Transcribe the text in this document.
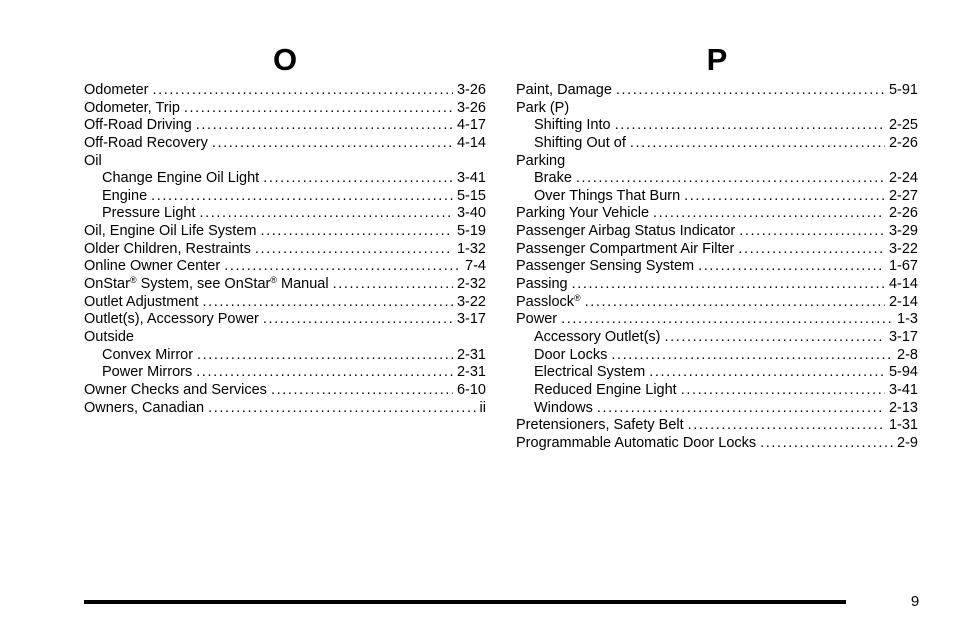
O
Odometer .....	3-26
Odometer, Trip .....	3-26
Off-Road Driving .....	4-17
Off-Road Recovery .....	4-14
Oil
Change Engine Oil Light .....	3-41
Engine .....	5-15
Pressure Light .....	3-40
Oil, Engine Oil Life System .....	5-19
Older Children, Restraints .....	1-32
Online Owner Center .....	7-4
OnStar® System, see OnStar® Manual .....	2-32
Outlet Adjustment .....	3-22
Outlet(s), Accessory Power .....	3-17
Outside
Convex Mirror .....	2-31
Power Mirrors .....	2-31
Owner Checks and Services .....	6-10
Owners, Canadian .....	ii
P
Paint, Damage .....	5-91
Park (P)
Shifting Into .....	2-25
Shifting Out of .....	2-26
Parking
Brake .....	2-24
Over Things That Burn .....	2-27
Parking Your Vehicle .....	2-26
Passenger Airbag Status Indicator .....	3-29
Passenger Compartment Air Filter .....	3-22
Passenger Sensing System .....	1-67
Passing .....	4-14
Passlock® .....	2-14
Power .....	1-3
Accessory Outlet(s) .....	3-17
Door Locks .....	2-8
Electrical System .....	5-94
Reduced Engine Light .....	3-41
Windows .....	2-13
Pretensioners, Safety Belt .....	1-31
Programmable Automatic Door Locks .....	2-9
9
